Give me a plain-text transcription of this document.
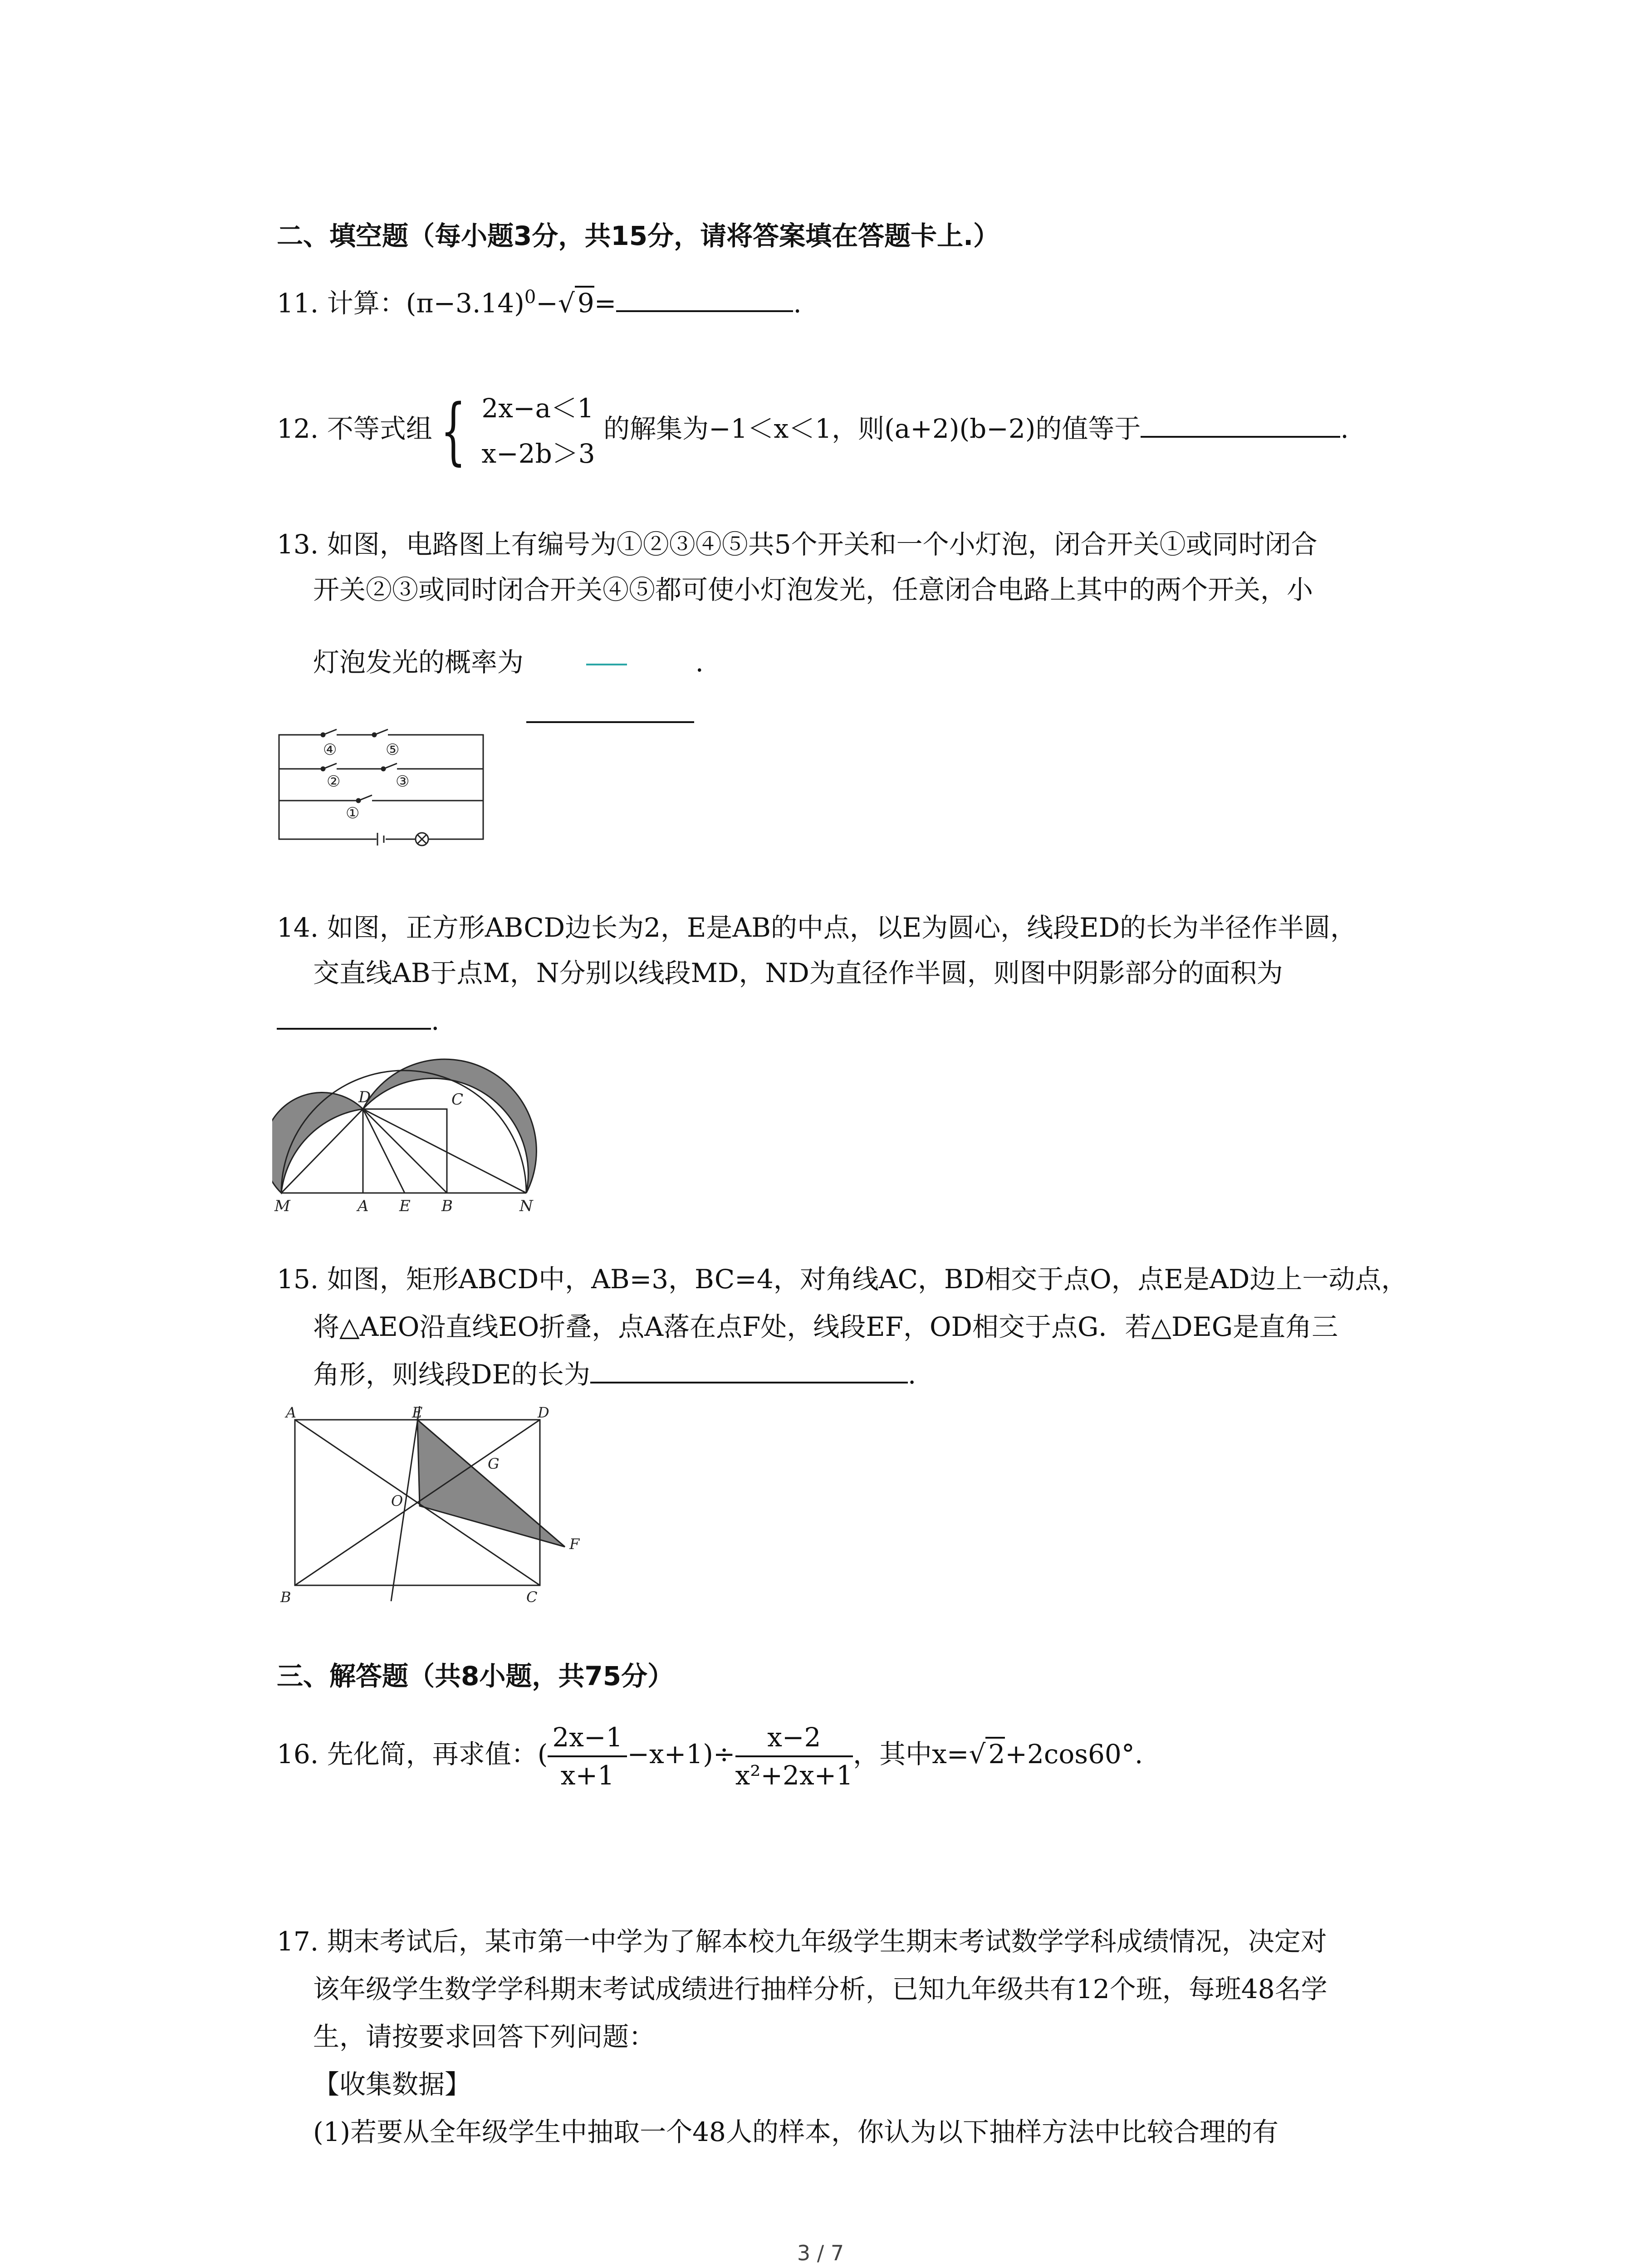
二、填空题（每小题3分，共15分，请将答案填在答题卡上.）
11. 计算：$(\pi-3.14)^0-√$ 9=	.
12. 不等式组 { 2x−a＜1
x−2b＞3
的解集为−1＜x＜1，则(a+2)(b−2)的值等于	.
13. 如图，电路图上有编号为①②③④⑤共5个开关和一个小灯泡，闭合开关①或同时闭合
开关②③或同时闭合开关④⑤都可使小灯泡发光，任意闭合电路上其中的两个开关，小
灯泡发光的概率为	.
④	⑤
②	③
①
14. 如图，正方形ABCD边长为2，E是AB的中点，以E为圆心，线段ED的长为半径作半圆，
交直线AB于点M，N分别以线段MD，ND为直径作半圆，则图中阴影部分的面积为
.
D	C
M	A E B	N
15. 如图，矩形ABCD中，AB=3，BC=4，对角线AC，BD相交于点O，点E是AD边上一动点，
将△AEO沿直线EO折叠，点A落在点F处，线段EF，OD相交于点G．若△DEG是直角三
角形，则线段DE的长为	.
A	E	D
G
O
F
B	C
三、解答题（共8小题，共75分）
16. 先化简，再求值：( $\frac{2x-1}{x+1} -x+1)\div \frac{x-2}{\text{x²+2x+1}}$ ，其中x=√ 2+2cos60°.
17. 期末考试后，某市第一中学为了解本校九年级学生期末考试数学学科成绩情况，决定对
该年级学生数学学科期末考试成绩进行抽样分析，已知九年级共有12个班，每班48名学
生，请按要求回答下列问题：
【收集数据】
(1)若要从全年级学生中抽取一个48人的样本，你认为以下抽样方法中比较合理的有
3 / 7
